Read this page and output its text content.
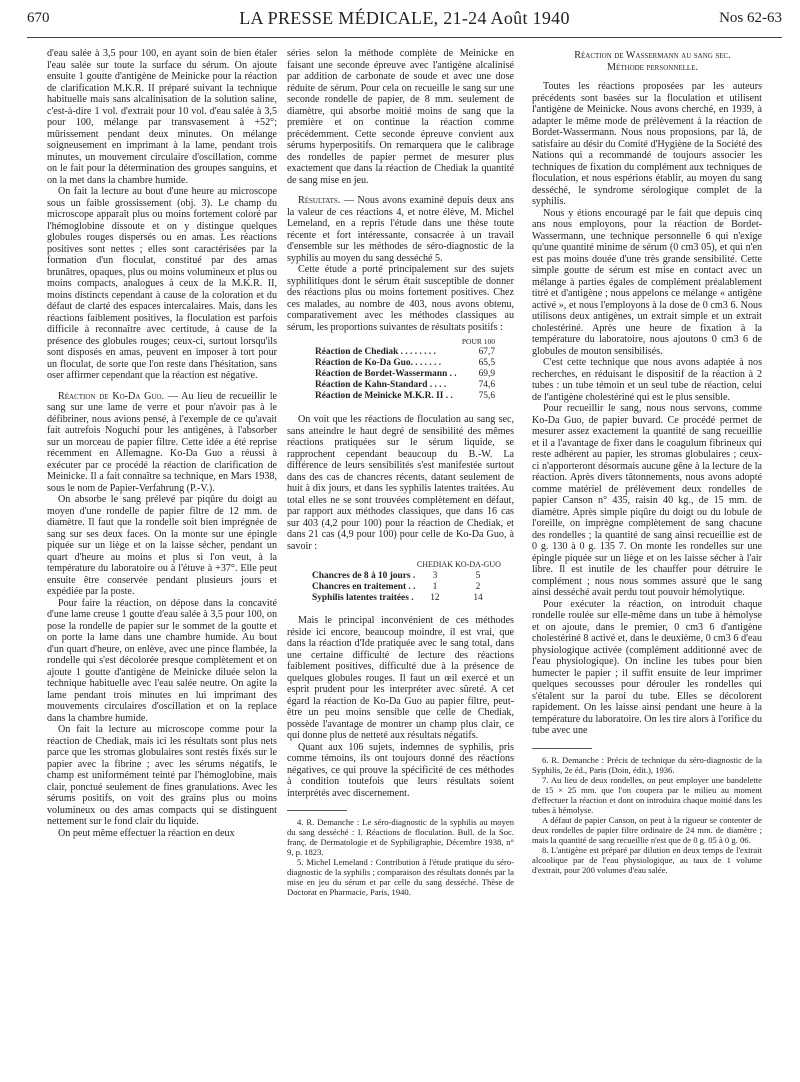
670	LA PRESSE MÉDICALE, 21-24 Août 1940	Nos 62-63

d'eau salée à 3,5 pour 100, en ayant soin de bien étaler l'eau salée sur toute la surface du sérum. On ajoute ensuite 1 goutte d'antigène de Meinicke pour la réaction de clarification M.K.R. II préparé suivant la technique habituelle mais sans alcalinisation de la solution saline, c'est-à-dire 1 vol. d'extrait pour 10 vol. d'eau salée à 3,5 pour 100, mélange par transvasement à +52°; mûrissement pendant deux minutes. On mélange soigneusement en imprimant à la lame, pendant trois minutes, un mouvement circulaire d'oscillation, comme on le fait pour la détermination des groupes sanguins, et on la met dans la chambre humide.

On fait la lecture au bout d'une heure au microscope sous un faible grossissement (obj. 3). Le champ du microscope apparaît plus ou moins fortement coloré par l'hémoglobine dissoute et on y distingue quelques globules rouges dispersés ou en amas. Les réactions positives sont nettes ; elles sont caractérisées par la formation d'un floculat, constitué par des amas brunâtres, opaques, plus ou moins volumineux et plus ou moins compacts, analogues à ceux de la M.K.R. II, moins distincts cependant à cause de la coloration et du défaut de clarté des espaces intercalaires. Mais, dans les réactions faiblement positives, la floculation est parfois difficile à reconnaître avec certitude, à cause de la présence des globules rouges; ceux-ci, surtout lorsqu'ils sont disposés en amas, peuvent en imposer à tort pour un floculat, de sorte que l'on reste dans l'hésitation, sans oser affirmer cependant que la réaction est négative.

Réaction de Ko-Da Guo. — Au lieu de recueillir le sang sur une lame de verre et pour n'avoir pas à le défibriner, nous avions pensé, à l'exemple de ce qu'avait fait autrefois Noguchi pour les antigènes, à l'absorber sur un morceau de papier filtre. Cette idée a été reprise récemment en Allemagne. Ko-Da Guo a réussi à exécuter par ce procédé la réaction de clarification de Meinicke. Il a fait connaître sa technique, en Mars 1938, sous le nom de Papier-Verfahrung (P.-V.).

On absorbe le sang prélevé par piqûre du doigt au moyen d'une rondelle de papier filtre de 12 mm. de diamètre. Il faut que la rondelle soit bien imprégnée de sang sur ses deux faces. On la monte sur une épingle piquée sur un liège et on la laisse sécher, pendant un quart d'heure au moins et plus si l'on veut, à la température du laboratoire ou à l'étuve à +37°. Elle peut ensuite être conservée pendant plusieurs jours et expédiée par la poste.

Pour faire la réaction, on dépose dans la concavité d'une lame creuse 1 goutte d'eau salée à 3,5 pour 100, on pose la rondelle de papier sur le sommet de la goutte et on porte la lame dans une chambre humide. Au bout d'un quart d'heure, on enlève, avec une pince flambée, la rondelle qui s'est décolorée presque complètement et on ajoute 1 goutte d'antigène de Meinicke diluée selon la technique habituelle avec l'eau salée neutre. On agite la lame pendant trois minutes en lui imprimant des mouvements circulaires d'oscillation et on la replace dans la chambre humide.

On fait la lecture au microscope comme pour la réaction de Chediak, mais ici les résultats sont plus nets parce que les stromas globulaires sont restés fixés sur le papier avec la fibrine ; avec les sérums négatifs, le champ est uniformément teinté par l'hémoglobine, mais clair, ponctué seulement de fines granulations. Avec les sérums positifs, on voit des grains plus ou moins volumineux ou des amas compacts qui se distinguent nettement sur le fond clair du liquide.

On peut même effectuer la réaction en deux

séries selon la méthode complète de Meinicke en faisant une seconde épreuve avec l'antigène alcalinisé par addition de carbonate de soude et avec une dose réduite de sérum. Pour cela on recueille le sang sur une seconde rondelle de papier, de 8 mm. seulement de diamètre, qui absorbe moitié moins de sang que la première et on continue la réaction comme précédemment. Cette seconde épreuve convient aux sérums hyperpositifs. On remarquera que le calibrage des rondelles de papier permet de mesurer plus exactement que dans la réaction de Chediak la quantité de sang mise en jeu.

Résultats. — Nous avons examiné depuis deux ans la valeur de ces réactions 4, et notre élève, M. Michel Lemeland, en a repris l'étude dans une thèse toute récente et fort intéressante, consacrée à un travail d'ensemble sur les méthodes de séro-diagnostic de la syphilis au moyen du sang desséché 5.

Cette étude a porté principalement sur des sujets syphilitiques dont le sérum était susceptible de donner des réactions plus ou moins fortement positives. Chez ces malades, au nombre de 403, nous avons obtenu, comparativement avec les méthodes classiques au sérum, les proportions suivantes de résultats positifs :

	POUR 100
Réaction de Chediak . . . . . . . .	67,7
Réaction de Ko-Da Guo. . . . . . .	65,5
Réaction de Bordet-Wassermann . .	69,9
Réaction de Kahn-Standard . . . .	74,6
Réaction de Meinicke M.K.R. II . .	75,6

On voit que les réactions de floculation au sang sec, sans atteindre le haut degré de sensibilité des mêmes réactions pratiquées sur le sérum liquide, se rapprochent cependant beaucoup du B.-W. La différence de leurs sensibilités s'est manifestée surtout dans des cas de chancres récents, datant seulement de huit à dix jours, et dans les syphilis latentes traitées. Au total elles ne se sont trouvées complètement en défaut, par rapport aux méthodes classiques, que dans 16 cas sur 403 (4,2 pour 100) pour la réaction de Chediak, et dans 21 cas (4,9 pour 100) pour celle de Ko-Da Guo, à savoir :

	CHEDIAK	KO-DA-GUO
Chancres de 8 à 10 jours .	3	5
Chancres en traitement . .	1	2
Syphilis latentes traitées .	12	14

Mais le principal inconvénient de ces méthodes réside ici encore, beaucoup moindre, il est vrai, que dans la réaction d'Ide pratiquée avec le sang total, dans une certaine difficulté de lecture des réactions faiblement positives, difficulté due à la présence de quelques globules rouges. Il faut un œil exercé et un esprit prudent pour les interpréter avec sûreté. A cet égard la réaction de Ko-Da Guo au papier filtre, peut-être un peu moins sensible que celle de Chediak, possède l'avantage de montrer un champ plus clair, ce qui donne plus de netteté aux résultats négatifs.

Quant aux 106 sujets, indemnes de syphilis, pris comme témoins, ils ont toujours donné des réactions négatives, ce qui prouve la spécificité de ces méthodes à condition toutefois que leurs résultats soient interprétés avec discernement.

4. R. Demanche : Le séro-diagnostic de la syphilis au moyen du sang desséché : I. Réactions de floculation. Bull. de la Soc. franç. de Dermatologie et de Syphiligraphie, Décembre 1938, n° 9, p. 1823.

5. Michel Lemeland : Contribution à l'étude pratique du séro-diagnostic de la syphilis ; comparaison des résultats donnés par la mise en jeu du sérum et par celle du sang desséché. Thèse de Doctorat en Pharmacie, Paris, 1940.

Réaction de Wassermann au sang sec.

Méthode personnelle.

Toutes les réactions proposées par les auteurs précédents sont basées sur la floculation et utilisent l'antigène de Meinicke. Nous avons cherché, en 1939, à adapter le même mode de prélèvement à la réaction de Bordet-Wassermann. Nous nous proposions, par là, de satisfaire au désir du Comité d'Hygiène de la Société des Nations qui a recommandé de toujours associer les techniques de fixation du complément aux techniques de floculation, et nous espérions établir, au moyen du sang desséché, le syndrome sérologique complet de la syphilis.

Nous y étions encouragé par le fait que depuis cinq ans nous employons, pour la réaction de Bordet-Wassermann, une technique personnelle 6 qui n'exige qu'une quantité minime de sérum (0 cm3 05), et qui n'en est pas moins douée d'une très grande sensibilité. Cette simple goutte de sérum est mise en contact avec un mélange à parties égales de complément préalablement titré et d'antigène ; nous appelons ce mélange « antigène activé », et nous l'employons à la dose de 0 cm3 6. Nous utilisons deux antigènes, un extrait simple et un extrait cholestériné. Après une heure de fixation à la température du laboratoire, nous ajoutons 0 cm3 6 de globules de mouton sensibilisés.

C'est cette technique que nous avons adaptée à nos recherches, en réduisant le dispositif de la réaction à 2 tubes : un tube témoin et un seul tube de réaction, celui de l'antigène cholestériné qui est le plus sensible.

Pour recueillir le sang, nous nous servons, comme Ko-Da Guo, de papier buvard. Ce procédé permet de mesurer assez exactement la quantité de sang recueillie et il a l'avantage de fixer dans le coagulum fibrineux qui reste adhérent au papier, les stromas globulaires ; ceux-ci n'apporteront désormais aucune gêne à la lecture de la réaction. Après divers tâtonnements, nous avons adopté comme matériel de prélèvement deux rondelles de papier Canson n° 435, raisin 40 kg., de 15 mm. de diamètre. Après simple piqûre du doigt ou du lobule de l'oreille, on imprègne complètement de sang chacune des rondelles ; la quantité de sang ainsi recueillie est de 0 g. 130 à 0 g. 135 7. On monte les rondelles sur une épingle piquée sur un liège et on les laisse sécher à l'air libre. Il est inutile de les chauffer pour détruire le complément ; nous nous sommes assuré que le sang ainsi desséché avait perdu tout pouvoir hémolytique.

Pour exécuter la réaction, on introduit chaque rondelle roulée sur elle-même dans un tube à hémolyse et on ajoute, dans le premier, 0 cm3 6 d'antigène cholestériné 8 activé et, dans le deuxième, 0 cm3 6 d'eau physiologique activée (complément additionné avec de l'eau physiologique). On incline les tubes pour bien humecter le papier ; il suffit ensuite de leur imprimer quelques secousses pour dérouler les rondelles qui s'étalent sur la paroi du tube. Elles se décolorent rapidement. On les laisse ainsi pendant une heure à la température du laboratoire. On les tire alors à l'orifice du tube avec une

6. R. Demanche : Précis de technique du séro-diagnostic de la Syphilis, 2e éd., Paris (Doin, édit.), 1936.

7. Au lieu de deux rondelles, on peut employer une bandelette de 15 × 25 mm. que l'on coupera par le milieu au moment d'effectuer la réaction et dont on introduira chaque moitié dans les tubes à hémolyse.

A défaut de papier Canson, on peut à la rigueur se contenter de deux rondelles de papier filtre ordinaire de 24 mm. de diamètre ; mais la quantité de sang recueillie n'est que de 0 g. 05 à 0 g. 06.

8. L'antigène est préparé par dilution en deux temps de l'extrait alcoolique par de l'eau physiologique, au taux de 1 volume d'extrait, pour 200 volumes d'eau salée.
